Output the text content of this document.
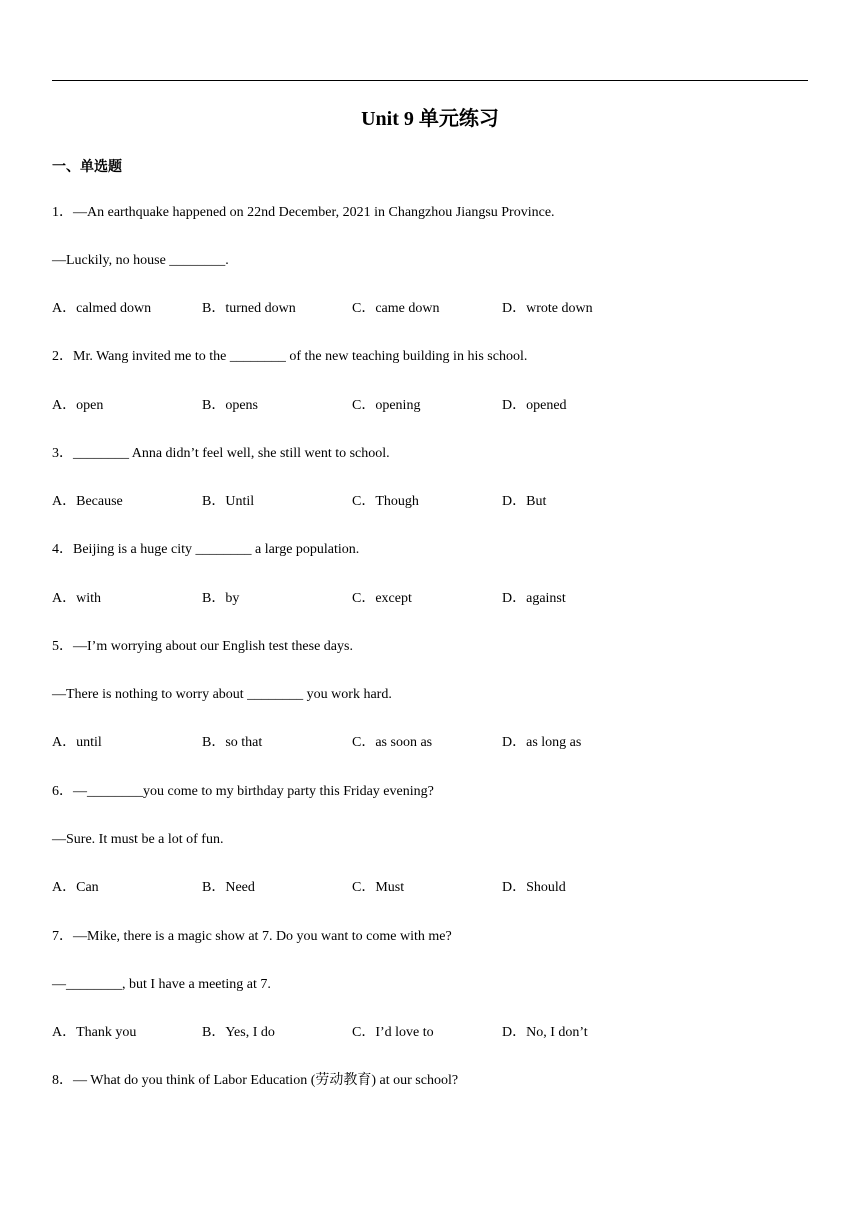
Unit 9 单元练习
一、单选题
1．—An earthquake happened on 22nd December, 2021 in Changzhou Jiangsu Province.
—Luckily, no house ________.
A．calmed down	B．turned down	C．came down	D．wrote down
2．Mr. Wang invited me to the ________ of the new teaching building in his school.
A．open	B．opens	C．opening	D．opened
3．________ Anna didn’t feel well, she still went to school.
A．Because	B．Until	C．Though	D．But
4．Beijing is a huge city ________ a large population.
A．with	B．by	C．except	D．against
5．—I’m worrying about our English test these days.
—There is nothing to worry about ________ you work hard.
A．until	B．so that	C．as soon as	D．as long as
6．—________you come to my birthday party this Friday evening?
—Sure. It must be a lot of fun.
A．Can	B．Need	C．Must	D．Should
7．—Mike, there is a magic show at 7. Do you want to come with me?
—________, but I have a meeting at 7.
A．Thank you	B．Yes, I do	C．I’d love to	D．No, I don’t
8．— What do you think of Labor Education (劳动教育) at our school?
